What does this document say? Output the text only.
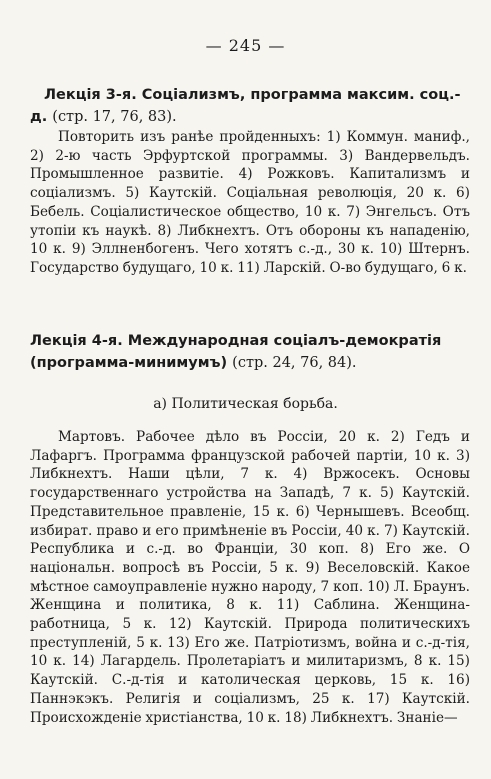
— 245 —
Лекція 3-я. Соціализмъ, программа максим. соц.-д. (стр. 17, 76, 83).
Повторить изъ ранѣе пройденныхъ: 1) Коммун. маниф., 2) 2-ю часть Эрфуртской программы. 3) Вандервельдъ. Промышленное развитіе. 4) Рожковъ. Капитализмъ и соціализмъ. 5) Каутскій. Соціальная революція, 20 к. 6) Бебель. Соціалистическое общество, 10 к. 7) Энгельсъ. Отъ утопіи къ наукѣ. 8) Либкнехтъ. Отъ обороны къ нападенію, 10 к. 9) Эллненбогенъ. Чего хотятъ с.-д., 30 к. 10) Штернъ. Государство будущаго, 10 к. 11) Ларскій. О-во будущаго, 6 к.
Лекція 4-я. Международная соціалъ-демократія (программа-минимумъ) (стр. 24, 76, 84).
а) Политическая борьба.
Мартовъ. Рабочее дѣло въ Россіи, 20 к. 2) Гедъ и Лафаргъ. Программа французской рабочей партіи, 10 к. 3) Либкнехтъ. Наши цѣли, 7 к. 4) Вржосекъ. Основы государственнаго устройства на Западѣ, 7 к. 5) Каутскій. Представительное правленіе, 15 к. 6) Чернышевъ. Всеобщ. избират. право и его примѣненіе въ Россіи, 40 к. 7) Каутскій. Республика и с.-д. во Франціи, 30 коп. 8) Его же. О національн. вопросѣ въ Россіи, 5 к. 9) Веселовскій. Какое мѣстное самоуправленіе нужно народу, 7 коп. 10) Л. Браунъ. Женщина и политика, 8 к. 11) Саблина. Женщина-работница, 5 к. 12) Каутскій. Природа политическихъ преступленій, 5 к. 13) Его же. Патріотизмъ, война и с.-д-тія, 10 к. 14) Лагардель. Пролетаріатъ и милитаризмъ, 8 к. 15) Каутскій. С.-д-тія и католическая церковь, 15 к. 16) Паннэкэкъ. Религія и соціализмъ, 25 к. 17) Каутскій. Происхожденіе христіанства, 10 к. 18) Либкнехтъ. Знаніе—
